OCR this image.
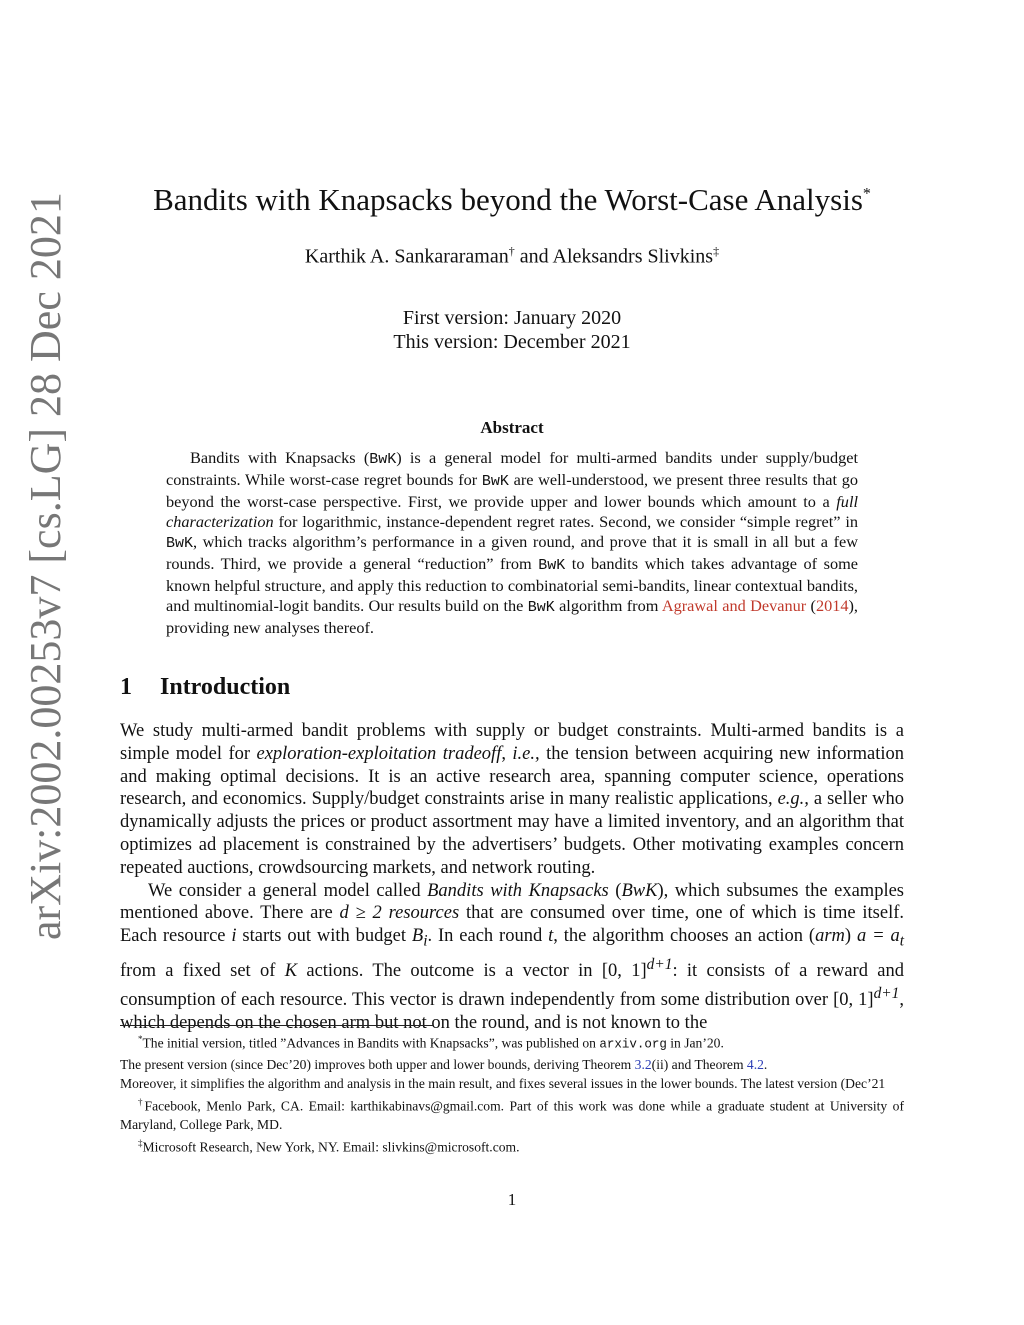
arXiv:2002.00253v7 [cs.LG] 28 Dec 2021	Bandits with Knapsacks beyond the Worst-Case Analysis*
Karthik A. Sankararaman† and Aleksandrs Slivkins‡
First version: January 2020
This version: December 2021
Abstract
Bandits with Knapsacks (BwK) is a general model for multi-armed bandits under supply/budget constraints. While worst-case regret bounds for BwK are well-understood, we present three results that go beyond the worst-case perspective. First, we provide upper and lower bounds which amount to a full characterization for logarithmic, instance-dependent regret rates. Second, we consider “simple regret” in BwK, which tracks algorithm’s performance in a given round, and prove that it is small in all but a few rounds. Third, we provide a general “reduction” from BwK to bandits which takes advantage of some known helpful structure, and apply this reduction to combinatorial semi-bandits, linear contextual bandits, and multinomial-logit bandits. Our results build on the BwK algorithm from Agrawal and Devanur (2014), providing new analyses thereof.
1 Introduction

We study multi-armed bandit problems with supply or budget constraints. Multi-armed bandits is a simple model for exploration-exploitation tradeoff, i.e., the tension between acquiring new information and making optimal decisions. It is an active research area, spanning computer science, operations research, and economics. Supply/budget constraints arise in many realistic applications, e.g., a seller who dynamically adjusts the prices or product assortment may have a limited inventory, and an algorithm that optimizes ad placement is constrained by the advertisers’ budgets. Other motivating examples concern repeated auctions, crowdsourcing markets, and network routing.

We consider a general model called Bandits with Knapsacks (BwK), which subsumes the examples mentioned above. There are d ≥ 2 resources that are consumed over time, one of which is time itself. Each resource i starts out with budget $B_i$. In each round t, the algorithm chooses an action (arm) $a = a_t$ from a fixed set of K actions. The outcome is a vector in [0, 1]$^{d+1}$: it consists of a reward and consumption of each resource. This vector is drawn independently from some distribution over [0, 1]$^{d+1}$, which depends on the chosen arm but not on the round, and is not known to the

*The initial version, titled ”Advances in Bandits with Knapsacks”, was published on arxiv.org in Jan’20.

The present version (since Dec’20) improves both upper and lower bounds, deriving Theorem 3.2(ii) and Theorem 4.2.

Moreover, it simplifies the algorithm and analysis in the main result, and fixes several issues in the lower bounds. The latest version (Dec’21

†Facebook, Menlo Park, CA. Email: karthikabinavs@gmail.com. Part of this work was done while a graduate student at University of Maryland, College Park, MD.

‡Microsoft Research, New York, NY. Email: slivkins@microsoft.com.

1
